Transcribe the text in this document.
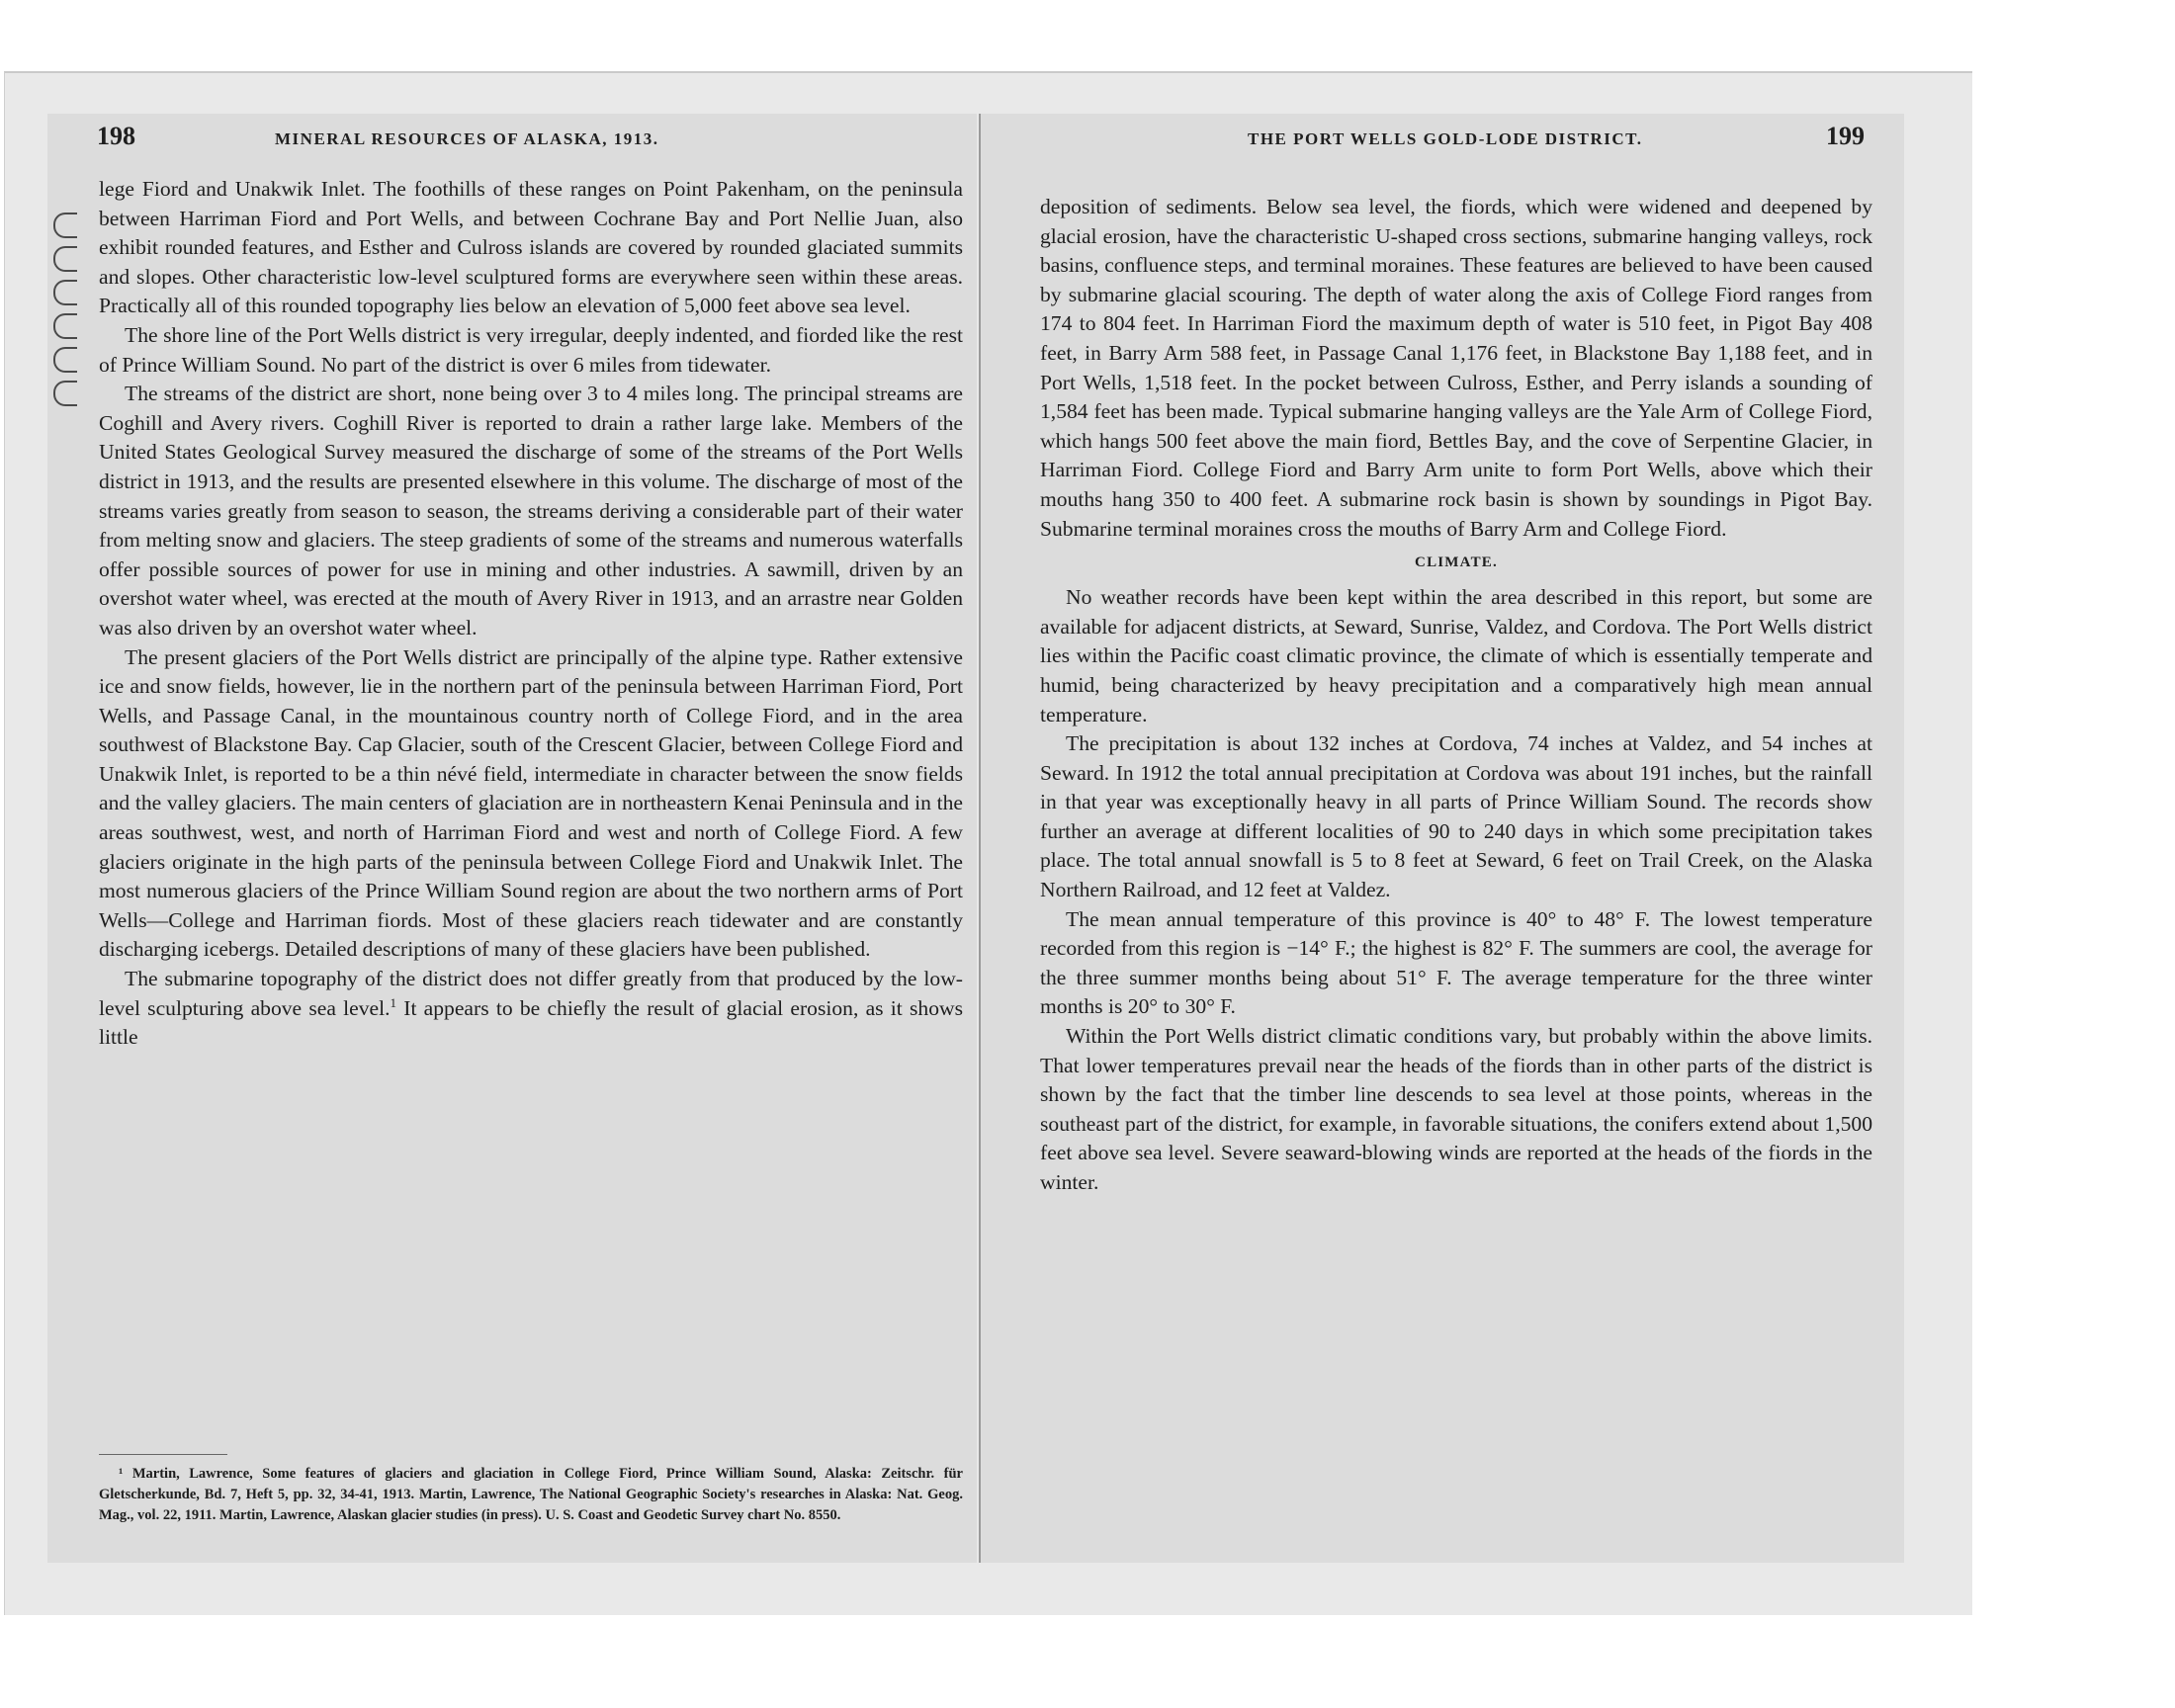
198	MINERAL RESOURCES OF ALASKA, 1913.

lege Fiord and Unakwik Inlet. The foothills of these ranges on Point Pakenham, on the peninsula between Harriman Fiord and Port Wells, and between Cochrane Bay and Port Nellie Juan, also exhibit rounded features, and Esther and Culross islands are covered by rounded glaciated summits and slopes. Other characteristic low-level sculptured forms are everywhere seen within these areas. Practically all of this rounded topography lies below an elevation of 5,000 feet above sea level.

The shore line of the Port Wells district is very irregular, deeply indented, and fiorded like the rest of Prince William Sound. No part of the district is over 6 miles from tidewater.

The streams of the district are short, none being over 3 to 4 miles long. The principal streams are Coghill and Avery rivers. Coghill River is reported to drain a rather large lake. Members of the United States Geological Survey measured the discharge of some of the streams of the Port Wells district in 1913, and the results are presented elsewhere in this volume. The discharge of most of the streams varies greatly from season to season, the streams deriving a considerable part of their water from melting snow and glaciers. The steep gradients of some of the streams and numerous waterfalls offer possible sources of power for use in mining and other industries. A sawmill, driven by an overshot water wheel, was erected at the mouth of Avery River in 1913, and an arrastre near Golden was also driven by an overshot water wheel.

The present glaciers of the Port Wells district are principally of the alpine type. Rather extensive ice and snow fields, however, lie in the northern part of the peninsula between Harriman Fiord, Port Wells, and Passage Canal, in the mountainous country north of College Fiord, and in the area southwest of Blackstone Bay. Cap Glacier, south of the Crescent Glacier, between College Fiord and Unakwik Inlet, is reported to be a thin névé field, intermediate in character between the snow fields and the valley glaciers. The main centers of glaciation are in northeastern Kenai Peninsula and in the areas southwest, west, and north of Harriman Fiord and west and north of College Fiord. A few glaciers originate in the high parts of the peninsula between College Fiord and Unakwik Inlet. The most numerous glaciers of the Prince William Sound region are about the two northern arms of Port Wells—College and Harriman fiords. Most of these glaciers reach tidewater and are constantly discharging icebergs. Detailed descriptions of many of these glaciers have been published.

The submarine topography of the district does not differ greatly from that produced by the low-level sculpturing above sea level.$^1$ It appears to be chiefly the result of glacial erosion, as it shows little

¹ Martin, Lawrence, Some features of glaciers and glaciation in College Fiord, Prince William Sound, Alaska: Zeitschr. für Gletscherkunde, Bd. 7, Heft 5, pp. 32, 34-41, 1913. Martin, Lawrence, The National Geographic Society's researches in Alaska: Nat. Geog. Mag., vol. 22, 1911. Martin, Lawrence, Alaskan glacier studies (in press). U. S. Coast and Geodetic Survey chart No. 8550.
THE PORT WELLS GOLD-LODE DISTRICT.	199

deposition of sediments. Below sea level, the fiords, which were widened and deepened by glacial erosion, have the characteristic U-shaped cross sections, submarine hanging valleys, rock basins, confluence steps, and terminal moraines. These features are believed to have been caused by submarine glacial scouring. The depth of water along the axis of College Fiord ranges from 174 to 804 feet. In Harriman Fiord the maximum depth of water is 510 feet, in Pigot Bay 408 feet, in Barry Arm 588 feet, in Passage Canal 1,176 feet, in Blackstone Bay 1,188 feet, and in Port Wells, 1,518 feet. In the pocket between Culross, Esther, and Perry islands a sounding of 1,584 feet has been made. Typical submarine hanging valleys are the Yale Arm of College Fiord, which hangs 500 feet above the main fiord, Bettles Bay, and the cove of Serpentine Glacier, in Harriman Fiord. College Fiord and Barry Arm unite to form Port Wells, above which their mouths hang 350 to 400 feet. A submarine rock basin is shown by soundings in Pigot Bay. Submarine terminal moraines cross the mouths of Barry Arm and College Fiord.

CLIMATE.

No weather records have been kept within the area described in this report, but some are available for adjacent districts, at Seward, Sunrise, Valdez, and Cordova. The Port Wells district lies within the Pacific coast climatic province, the climate of which is essentially temperate and humid, being characterized by heavy precipitation and a comparatively high mean annual temperature.

The precipitation is about 132 inches at Cordova, 74 inches at Valdez, and 54 inches at Seward. In 1912 the total annual precipitation at Cordova was about 191 inches, but the rainfall in that year was exceptionally heavy in all parts of Prince William Sound. The records show further an average at different localities of 90 to 240 days in which some precipitation takes place. The total annual snowfall is 5 to 8 feet at Seward, 6 feet on Trail Creek, on the Alaska Northern Railroad, and 12 feet at Valdez.

The mean annual temperature of this province is 40° to 48° F. The lowest temperature recorded from this region is −14° F.; the highest is 82° F. The summers are cool, the average for the three summer months being about 51° F. The average temperature for the three winter months is 20° to 30° F.

Within the Port Wells district climatic conditions vary, but probably within the above limits. That lower temperatures prevail near the heads of the fiords than in other parts of the district is shown by the fact that the timber line descends to sea level at those points, whereas in the southeast part of the district, for example, in favorable situations, the conifers extend about 1,500 feet above sea level. Severe seaward-blowing winds are reported at the heads of the fiords in the winter.
